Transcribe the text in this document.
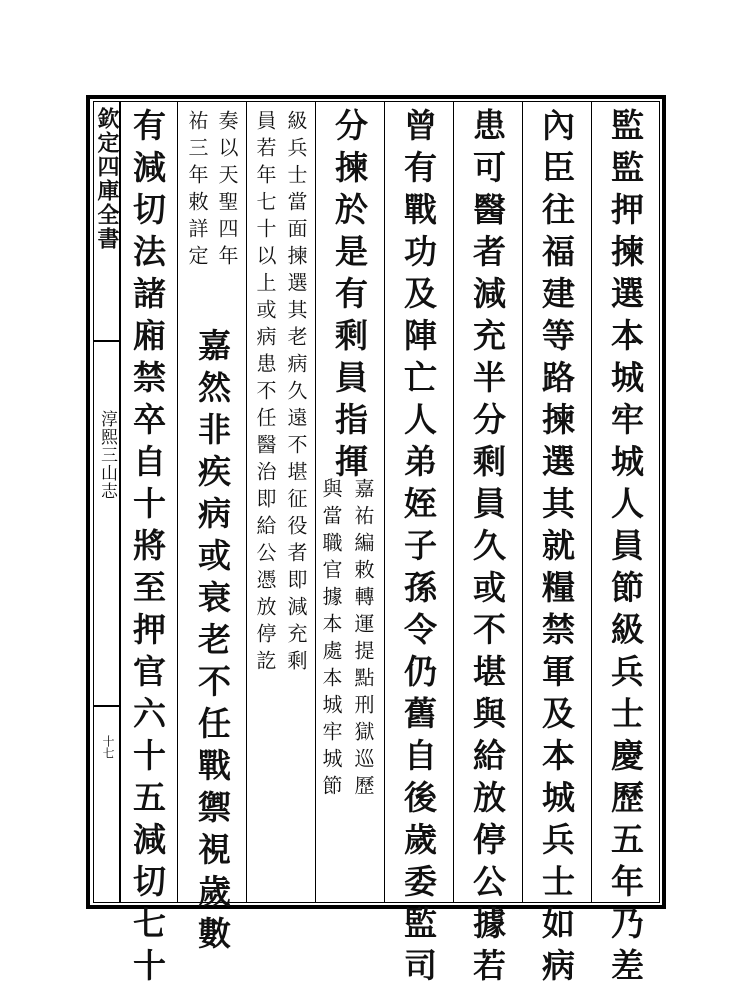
欽定四庫全書
淳熙三山志
十七	監監押揀選本城牢城人員節級兵士慶歷五年乃差
內臣往福建等路揀選其就糧禁軍及本城兵士如病
患可醫者減充半分剩員久或不堪與給放停公據若
曾有戰功及陣亡人弟姪子孫令仍舊自後歲委監司
分揀於是有剩員指揮
嘉祐編敕轉運提點刑獄巡歷
與當職官據本處本城牢城節
級兵士當面揀選其老病久遠不堪征役者即減充剩
員若年七十以上或病患不任醫治即給公憑放停訖
奏以天聖四年
祐三年敕詳定
嘉然非疾病或衰老不任戰禦視歲數
有減切法諸廂禁卒自十將至押官六十五減切七十
